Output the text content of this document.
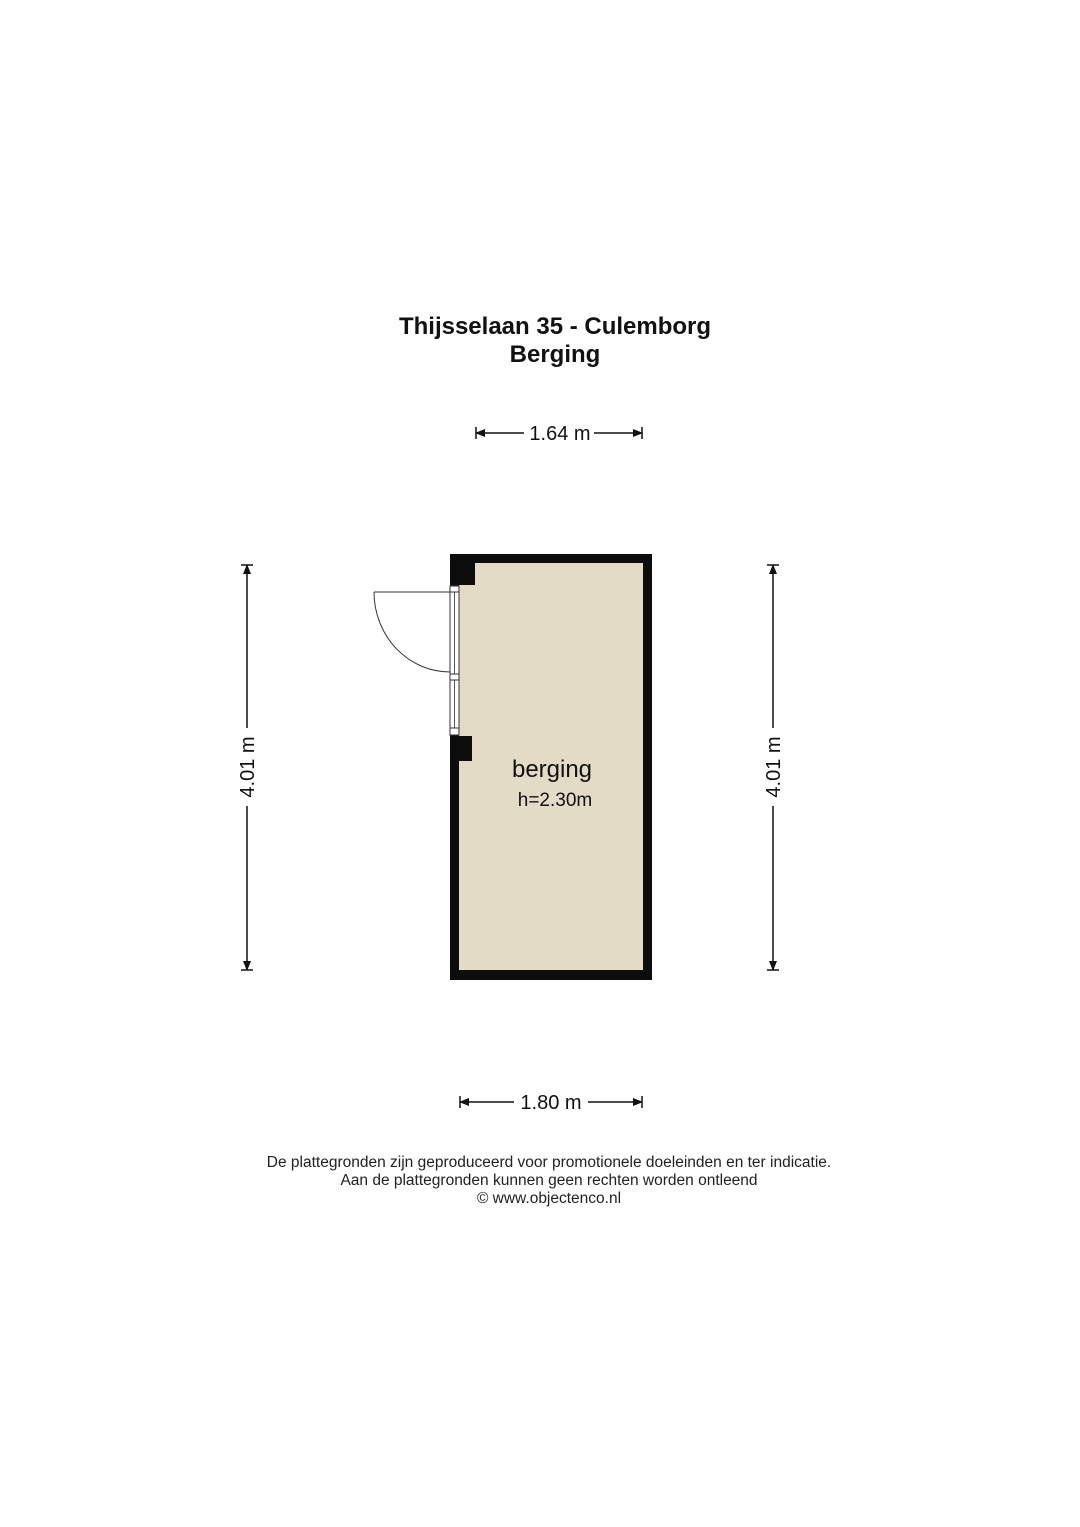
Thijsselaan 35 - Culemborg
Berging
1.64 m
1.80 m
4.01 m	4.01 m
berging
h=2.30m
De plattegronden zijn geproduceerd voor promotionele doeleinden en ter indicatie.
Aan de plattegronden kunnen geen rechten worden ontleend
© www.objectenco.nl
